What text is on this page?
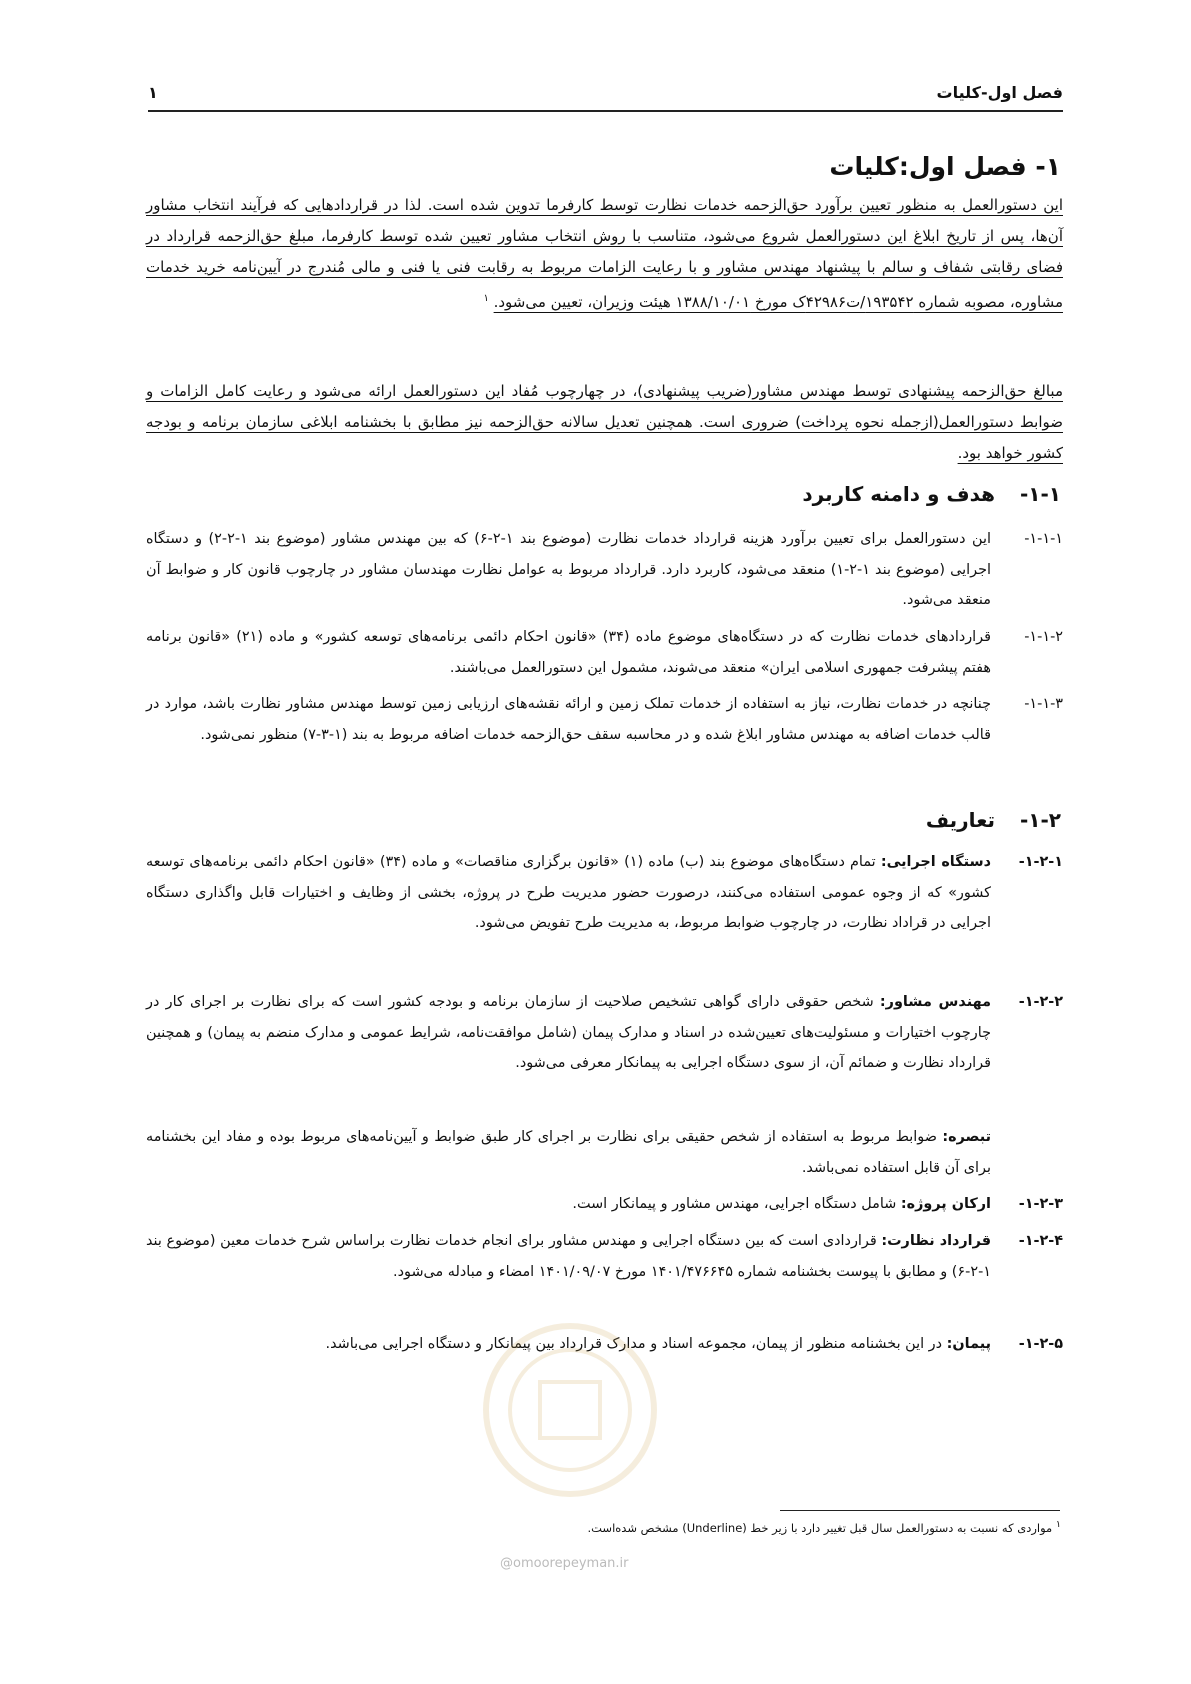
فصل اول-کلیات
۱
۱- فصل اول:کلیات

این دستورالعمل به منظور تعیین برآورد حق‌الزحمه خدمات نظارت توسط کارفرما تدوین شده است. لذا در قراردادهایی که فرآیند انتخاب مشاور آن‌ها، پس از تاریخ ابلاغ این دستورالعمل شروع می‌شود، متناسب با روش انتخاب مشاور تعیین شده توسط کارفرما، مبلغ حق‌الزحمه قرارداد در فضای رقابتی شفاف و سالم با پیشنهاد مهندس مشاور و با رعایت الزامات مربوط به رقابت فنی یا فنی و مالی مُندرج در آیین‌نامه خرید خدمات مشاوره، مصوبه شماره ۱۹۳۵۴۲/ت۴۲۹۸۶ک مورخ ۱۳۸۸/۱۰/۰۱ هیئت وزیران، تعیین می‌شود. $^۱$

مبالغ حق‌الزحمه پیشنهادی توسط مهندس مشاور(ضریب پیشنهادی)، در چهارچوب مُفاد این دستورالعمل ارائه می‌شود و رعایت کامل الزامات و ضوابط دستورالعمل(ازجمله نحوه پرداخت) ضروری است. همچنین تعدیل سالانه حق‌الزحمه نیز مطابق با بخشنامه ابلاغی سازمان برنامه و بودجه کشور خواهد بود.

۱-۱- هدف و دامنه کاربرد
۱-۱-۱-
این دستورالعمل برای تعیین برآورد هزینه قرارداد خدمات نظارت (موضوع بند ۱-۲-۶) که بین مهندس مشاور (موضوع بند ۱-۲-۲) و دستگاه اجرایی (موضوع بند ۱-۲-۱) منعقد می‌شود، کاربرد دارد. قرارداد مربوط به عوامل نظارت مهندسان مشاور در چارچوب قانون کار و ضوابط آن منعقد می‌شود.
۱-۱-۲-
قراردادهای خدمات نظارت که در دستگاه‌های موضوع ماده (۳۴) «قانون احکام دائمی برنامه‌های توسعه کشور» و ماده (۲۱) «قانون برنامه هفتم پیشرفت جمهوری اسلامی ایران» منعقد می‌شوند، مشمول این دستورالعمل می‌باشند.
۱-۱-۳-
چنانچه در خدمات نظارت، نیاز به استفاده از خدمات تملک زمین و ارائه نقشه‌های ارزیابی زمین توسط مهندس مشاور نظارت باشد، موارد در قالب خدمات اضافه به مهندس مشاور ابلاغ شده و در محاسبه سقف حق‌الزحمه خدمات اضافه مربوط به بند (۱-۳-۷) منظور نمی‌شود.
۱-۲- تعاریف
۱-۲-۱-
دستگاه اجرایی: تمام دستگاه‌های موضوع بند (ب) ماده (۱) «قانون برگزاری مناقصات» و ماده (۳۴) «قانون احکام دائمی برنامه‌های توسعه کشور» که از وجوه عمومی استفاده می‌کنند، درصورت حضور مدیریت طرح در پروژه، بخشی از وظایف و اختیارات قابل واگذاری دستگاه اجرایی در قراداد نظارت، در چارچوب ضوابط مربوط، به مدیریت طرح تفویض می‌شود.
۱-۲-۲-
مهندس مشاور: شخص حقوقی دارای گواهی تشخیص صلاحیت از سازمان برنامه و بودجه کشور است که برای نظارت بر اجرای کار در چارچوب اختیارات و مسئولیت‌های تعیین‌شده در اسناد و مدارک پیمان (شامل موافقت‌نامه، شرایط عمومی و مدارک منضم به پیمان) و همچنین قرارداد نظارت و ضمائم آن، از سوی دستگاه اجرایی به پیمانکار معرفی می‌شود.

تبصره: ضوابط مربوط به استفاده از شخص حقیقی برای نظارت بر اجرای کار طبق ضوابط و آیین‌نامه‌های مربوط بوده و مفاد این بخشنامه برای آن قابل استفاده نمی‌باشد.

۱-۲-۳-
ارکان پروژه: شامل دستگاه اجرایی، مهندس مشاور و پیمانکار است.
۱-۲-۴-
قرارداد نظارت: قراردادی است که بین دستگاه اجرایی و مهندس مشاور برای انجام خدمات نظارت براساس شرح خدمات معین (موضوع بند ۱-۲-۶) و مطابق با پیوست بخشنامه شماره ۱۴۰۱/۴۷۶۶۴۵ مورخ ۱۴۰۱/۰۹/۰۷ امضاء و مبادله می‌شود.
۱-۲-۵-
پیمان: در این بخشنامه منظور از پیمان، مجموعه اسناد و مدارک قرارداد بین پیمانکار و دستگاه اجرایی می‌باشد.

$^۱$ مواردی که نسبت به دستورالعمل سال قبل تغییر دارد با زیر خط (Underline) مشخص شده‌است.

@omoorepeyman.ir
